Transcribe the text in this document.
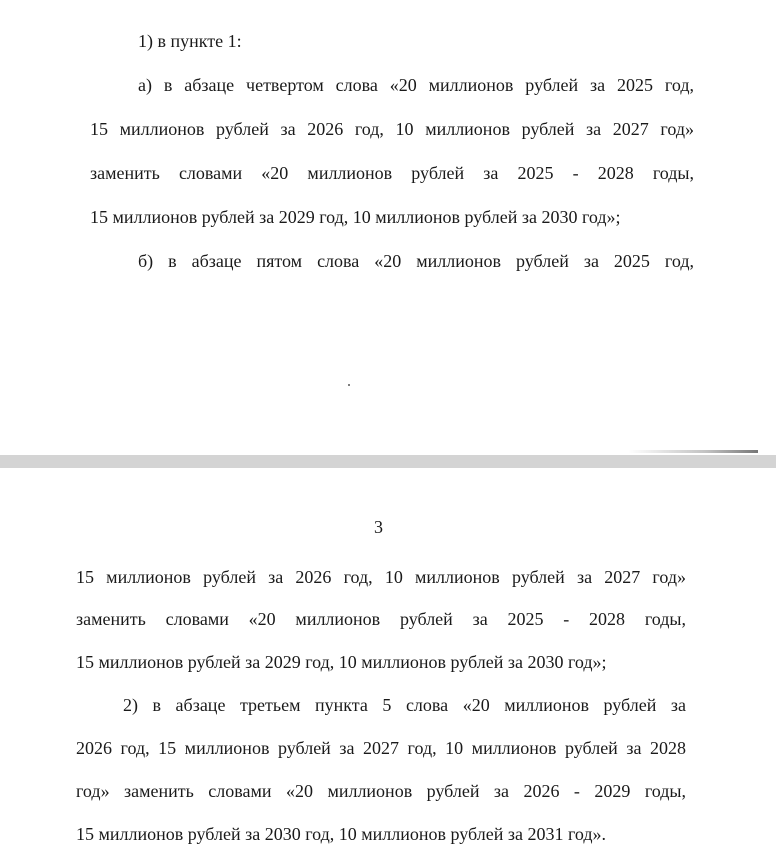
1) в пункте 1:

а) в абзаце четвертом слова «20 миллионов рублей за 2025 год,

15 миллионов рублей за 2026 год, 10 миллионов рублей за 2027 год»

заменить словами «20 миллионов рублей за 2025 - 2028 годы,

15 миллионов рублей за 2029 год, 10 миллионов рублей за 2030 год»;

б) в абзаце пятом слова «20 миллионов рублей за 2025 год,

3

15 миллионов рублей за 2026 год, 10 миллионов рублей за 2027 год»

заменить словами «20 миллионов рублей за 2025 - 2028 годы,

15 миллионов рублей за 2029 год, 10 миллионов рублей за 2030 год»;

2) в абзаце третьем пункта 5 слова «20 миллионов рублей за

2026 год, 15 миллионов рублей за 2027 год, 10 миллионов рублей за 2028

год» заменить словами «20 миллионов рублей за 2026 - 2029 годы,

15 миллионов рублей за 2030 год, 10 миллионов рублей за 2031 год».
